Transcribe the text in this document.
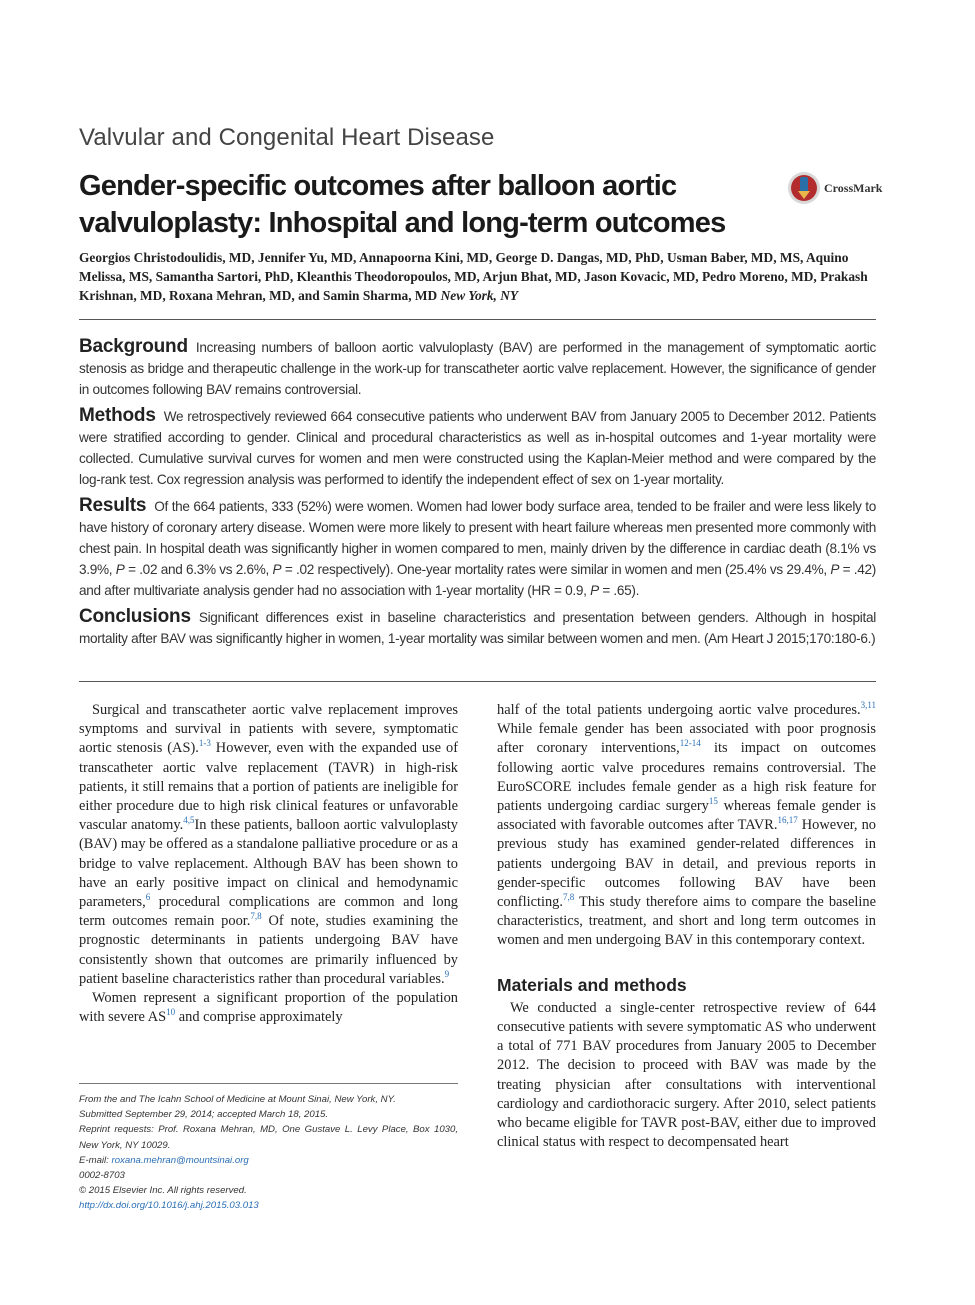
Valvular and Congenital Heart Disease
Gender-specific outcomes after balloon aortic valvuloplasty: Inhospital and long-term outcomes
CrossMark
Georgios Christodoulidis, MD, Jennifer Yu, MD, Annapoorna Kini, MD, George D. Dangas, MD, PhD, Usman Baber, MD, MS, Aquino Melissa, MS, Samantha Sartori, PhD, Kleanthis Theodoropoulos, MD, Arjun Bhat, MD, Jason Kovacic, MD, Pedro Moreno, MD, Prakash Krishnan, MD, Roxana Mehran, MD, and Samin Sharma, MD New York, NY

Background Increasing numbers of balloon aortic valvuloplasty (BAV) are performed in the management of symptomatic aortic stenosis as bridge and therapeutic challenge in the work-up for transcatheter aortic valve replacement. However, the significance of gender in outcomes following BAV remains controversial.

Methods We retrospectively reviewed 664 consecutive patients who underwent BAV from January 2005 to December 2012. Patients were stratified according to gender. Clinical and procedural characteristics as well as in-hospital outcomes and 1-year mortality were collected. Cumulative survival curves for women and men were constructed using the Kaplan-Meier method and were compared by the log-rank test. Cox regression analysis was performed to identify the independent effect of sex on 1-year mortality.

Results Of the 664 patients, 333 (52%) were women. Women had lower body surface area, tended to be frailer and were less likely to have history of coronary artery disease. Women were more likely to present with heart failure whereas men presented more commonly with chest pain. In hospital death was significantly higher in women compared to men, mainly driven by the difference in cardiac death (8.1% vs 3.9%, P = .02 and 6.3% vs 2.6%, P = .02 respectively). One-year mortality rates were similar in women and men (25.4% vs 29.4%, P = .42) and after multivariate analysis gender had no association with 1-year mortality (HR = 0.9, P = .65).

Conclusions Significant differences exist in baseline characteristics and presentation between genders. Although in hospital mortality after BAV was significantly higher in women, 1-year mortality was similar between women and men. (Am Heart J 2015;170:180-6.)

Surgical and transcatheter aortic valve replacement improves symptoms and survival in patients with severe, symptomatic aortic stenosis (AS).$^{1-3}$ However, even with the expanded use of transcatheter aortic valve replacement (TAVR) in high-risk patients, it still remains that a portion of patients are ineligible for either procedure due to high risk clinical features or unfavorable vascular anatomy.$^{4,5}$In these patients, balloon aortic valvuloplasty (BAV) may be offered as a standalone palliative procedure or as a bridge to valve replacement. Although BAV has been shown to have an early positive impact on clinical and hemodynamic parameters,$^6$ procedural complications are common and long term outcomes remain poor.$^{7,8}$ Of note, studies examining the prognostic determinants in patients undergoing BAV have consistently shown that outcomes are primarily influenced by patient baseline characteristics rather than procedural variables.$^9$

Women represent a significant proportion of the population with severe AS$^{10}$ and comprise approximately

half of the total patients undergoing aortic valve procedures.$^{3,11}$ While female gender has been associated with poor prognosis after coronary interventions,$^{12-14}$ its impact on outcomes following aortic valve procedures remains controversial. The EuroSCORE includes female gender as a high risk feature for patients undergoing cardiac surgery$^{15}$ whereas female gender is associated with favorable outcomes after TAVR.$^{16,17}$ However, no previous study has examined gender-related differences in patients undergoing BAV in detail, and previous reports in gender-specific outcomes following BAV have been conflicting.$^{7,8}$ This study therefore aims to compare the baseline characteristics, treatment, and short and long term outcomes in women and men undergoing BAV in this contemporary context.

Materials and methods

We conducted a single-center retrospective review of 644 consecutive patients with severe symptomatic AS who underwent a total of 771 BAV procedures from January 2005 to December 2012. The decision to proceed with BAV was made by the treating physician after consultations with interventional cardiology and cardiothoracic surgery. After 2010, select patients who became eligible for TAVR post-BAV, either due to improved clinical status with respect to decompensated heart

From the and The Icahn School of Medicine at Mount Sinai, New York, NY.
Submitted September 29, 2014; accepted March 18, 2015.
Reprint requests: Prof. Roxana Mehran, MD, One Gustave L. Levy Place, Box 1030, New York, NY 10029.
E-mail: roxana.mehran@mountsinai.org
0002-8703
© 2015 Elsevier Inc. All rights reserved.
http://dx.doi.org/10.1016/j.ahj.2015.03.013
